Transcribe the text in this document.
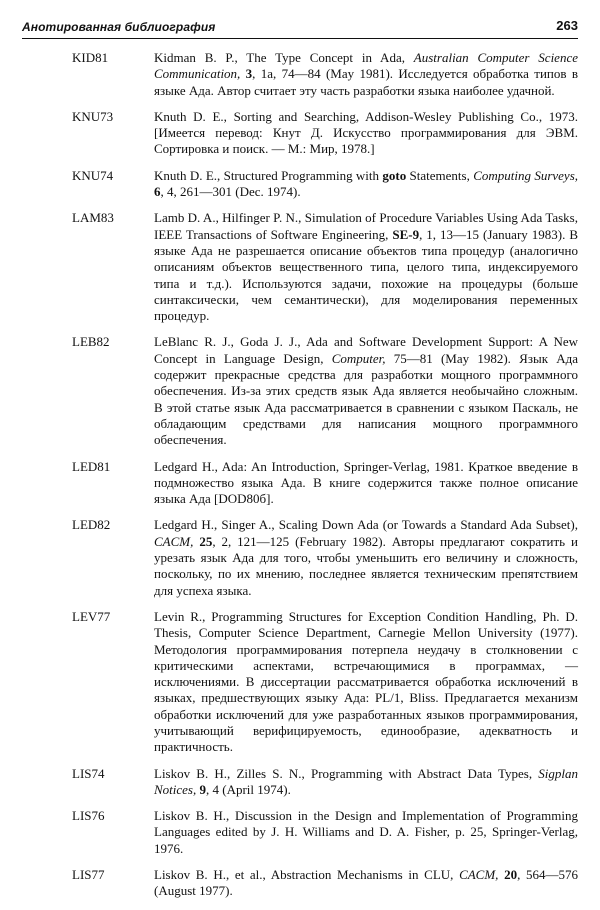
Анотированная библиография	263
KID81	Kidman B. P., The Type Concept in Ada, Australian Computer Science Communication, 3, 1a, 74—84 (May 1981). Исследуется обработка типов в языке Ада. Автор считает эту часть разработки языка наиболее удачной.
KNU73	Knuth D. E., Sorting and Searching, Addison-Wesley Publishing Co., 1973. [Имеется перевод: Кнут Д. Искусство программирования для ЭВМ. Сортировка и поиск. — М.: Мир, 1978.]
KNU74	Knuth D. E., Structured Programming with goto Statements, Computing Surveys, 6, 4, 261—301 (Dec. 1974).
LAM83	Lamb D. A., Hilfinger P. N., Simulation of Procedure Variables Using Ada Tasks, IEEE Transactions of Software Engineering, SE-9, 1, 13—15 (January 1983). В языке Ада не разрешается описание объектов типа процедур (аналогично описаниям объектов вещественного типа, целого типа, индексируемого типа и т.д.). Используются задачи, похожие на процедуры (больше синтаксически, чем семантически), для моделирования переменных процедур.
LEB82	LeBlanc R. J., Goda J. J., Ada and Software Development Support: A New Concept in Language Design, Computer, 75—81 (May 1982). Язык Ада содержит прекрасные средства для разработки мощного программного обеспечения. Из-за этих средств язык Ада является необычайно сложным. В этой статье язык Ада рассматривается в сравнении с языком Паскаль, не обладающим средствами для написания мощного программного обеспечения.
LED81	Ledgard H., Ada: An Introduction, Springer-Verlag, 1981. Краткое введение в подмножество языка Ада. В книге содержится также полное описание языка Ада [DOD80б].
LED82	Ledgard H., Singer A., Scaling Down Ada (or Towards a Standard Ada Subset), CACM, 25, 2, 121—125 (February 1982). Авторы предлагают сократить и урезать язык Ада для того, чтобы уменьшить его величину и сложность, поскольку, по их мнению, последнее является техническим препятствием для успеха языка.
LEV77	Levin R., Programming Structures for Exception Condition Handling, Ph. D. Thesis, Computer Science Department, Carnegie Mellon University (1977). Методология программирования потерпела неудачу в столкновении с критическими аспектами, встречающимися в программах, — исключениями. В диссертации рассматривается обработка исключений в языках, предшествующих языку Ада: PL/1, Bliss. Предлагается механизм обработки исключений для уже разработанных языков программирования, учитывающий верифицируемость, единообразие, адекватность и практичность.
LIS74	Liskov B. H., Zilles S. N., Programming with Abstract Data Types, Sigplan Notices, 9, 4 (April 1974).
LIS76	Liskov B. H., Discussion in the Design and Implementation of Programming Languages edited by J. H. Williams and D. A. Fisher, p. 25, Springer-Verlag, 1976.
LIS77	Liskov B. H., et al., Abstraction Mechanisms in CLU, CACM, 20, 564—576 (August 1977).
